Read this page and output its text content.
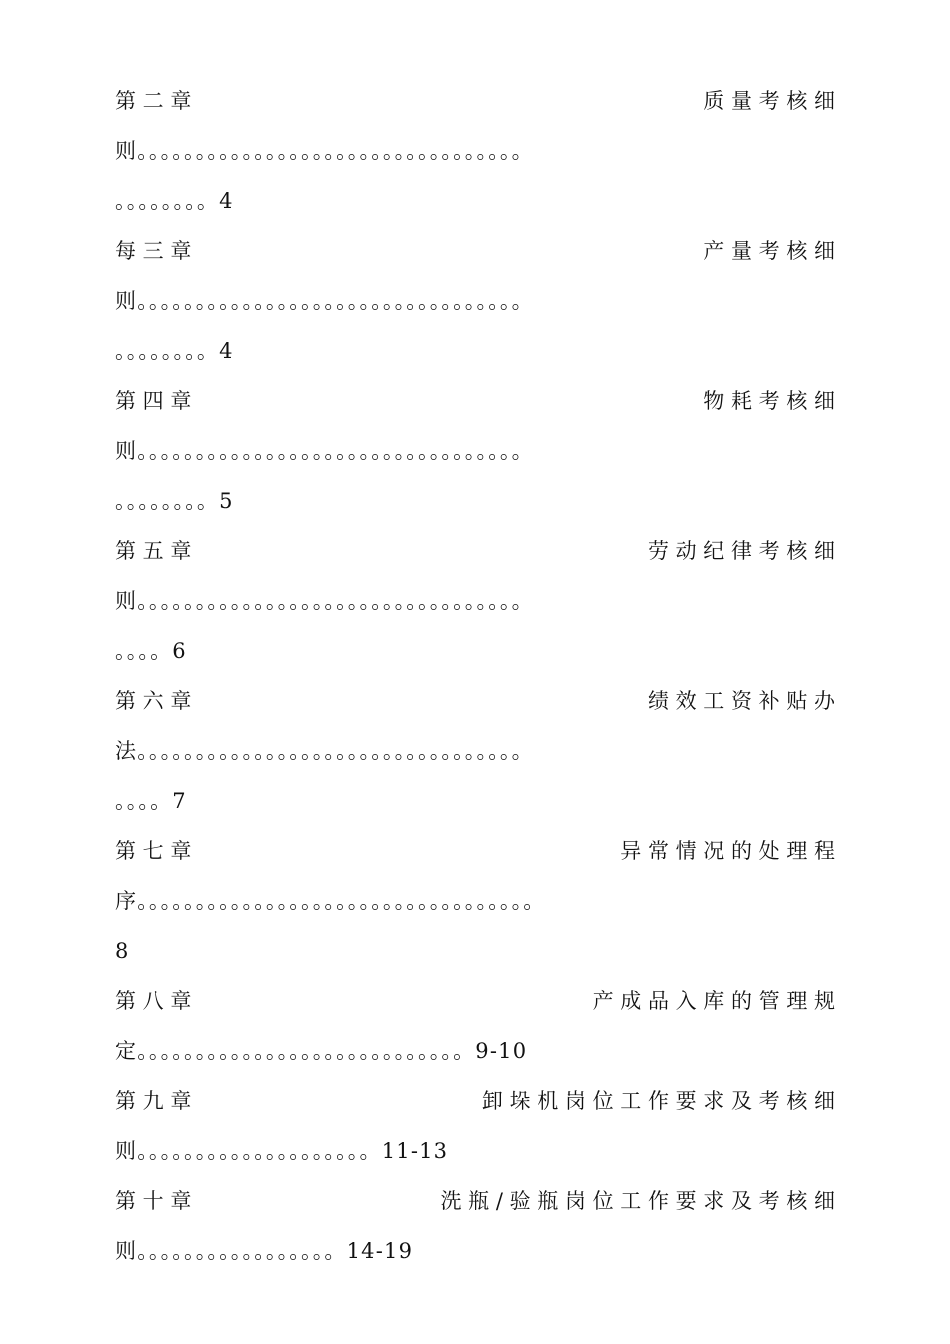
第 二 章	质 量 考 核 细
则。。。。。。。。。。。。。。。。。。。。。。。。。。。。。。。。。
。。。。。。。。4
每 三 章	产 量 考 核 细
则。。。。。。。。。。。。。。。。。。。。。。。。。。。。。。。。。
。。。。。。。。4
第 四 章	物 耗 考 核 细
则。。。。。。。。。。。。。。。。。。。。。。。。。。。。。。。。。
。。。。。。。。5
第 五 章	劳 动 纪 律 考 核 细
则。。。。。。。。。。。。。。。。。。。。。。。。。。。。。。。。。
。。。。6
第 六 章	绩 效 工 资 补 贴 办
法。。。。。。。。。。。。。。。。。。。。。。。。。。。。。。。。。
。。。。7
第 七 章	异 常 情 况 的 处 理 程
序。。。。。。。。。。。。。。。。。。。。。。。。。。。。。。。。。。
8
第 八 章	产 成 品 入 库 的 管 理 规
定。。。。。。。。。。。。。。。。。。。。。。。。。。。。9-10
第 九 章	卸 垛 机 岗 位 工 作 要 求 及 考 核 细
则。。。。。。。。。。。。。。。。。。。。11-13
第 十 章	洗 瓶 / 验 瓶 岗 位 工 作 要 求 及 考 核 细
则。。。。。。。。。。。。。。。。。14-19
